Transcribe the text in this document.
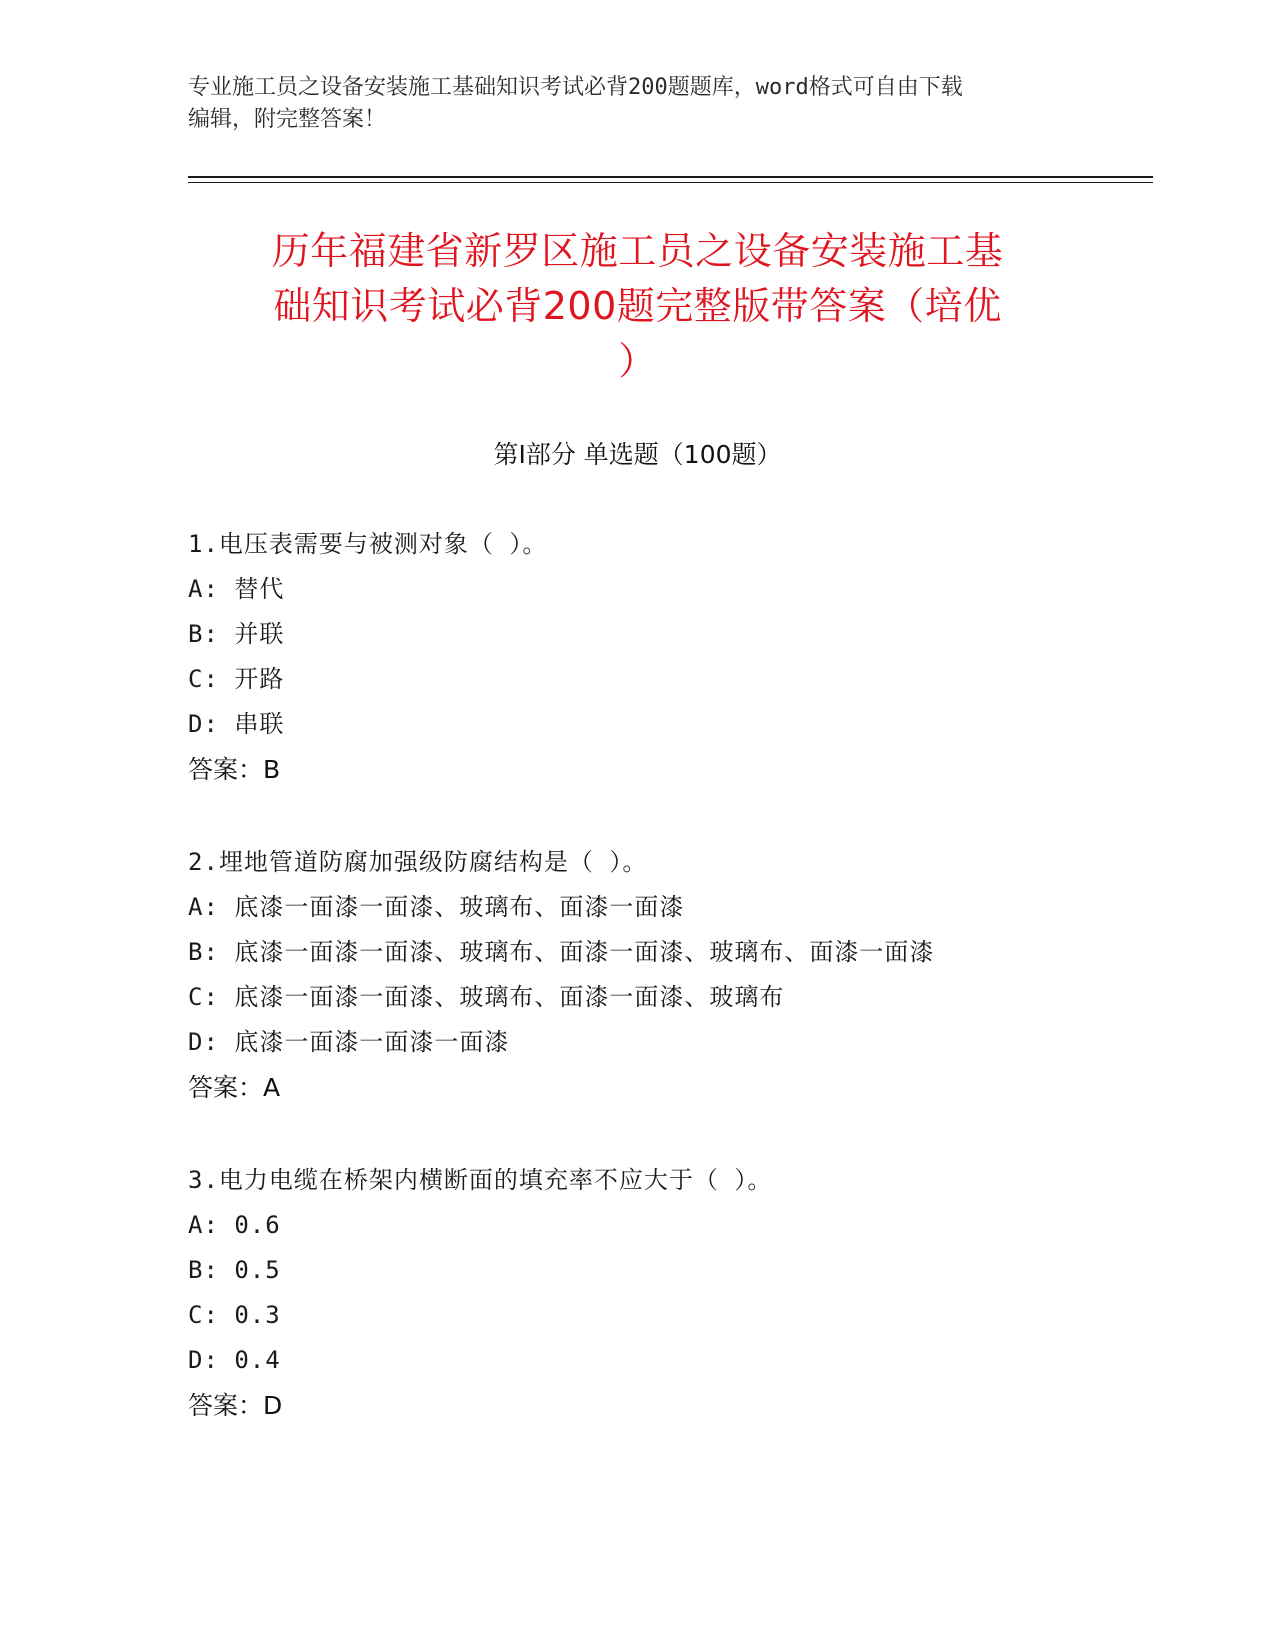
专业施工员之设备安装施工基础知识考试必背200题题库，word格式可自由下载
编辑，附完整答案！
历年福建省新罗区施工员之设备安装施工基
础知识考试必背200题完整版带答案（培优
）
第Ⅰ部分 单选题（100题）
1.电压表需要与被测对象（ ）。
A: 替代
B: 并联
C: 开路
D: 串联
答案：B
2.埋地管道防腐加强级防腐结构是（ ）。
A: 底漆一面漆一面漆、玻璃布、面漆一面漆
B: 底漆一面漆一面漆、玻璃布、面漆一面漆、玻璃布、面漆一面漆
C: 底漆一面漆一面漆、玻璃布、面漆一面漆、玻璃布
D: 底漆一面漆一面漆一面漆
答案：A
3.电力电缆在桥架内横断面的填充率不应大于（ ）。
A: 0.6
B: 0.5
C: 0.3
D: 0.4
答案：D
